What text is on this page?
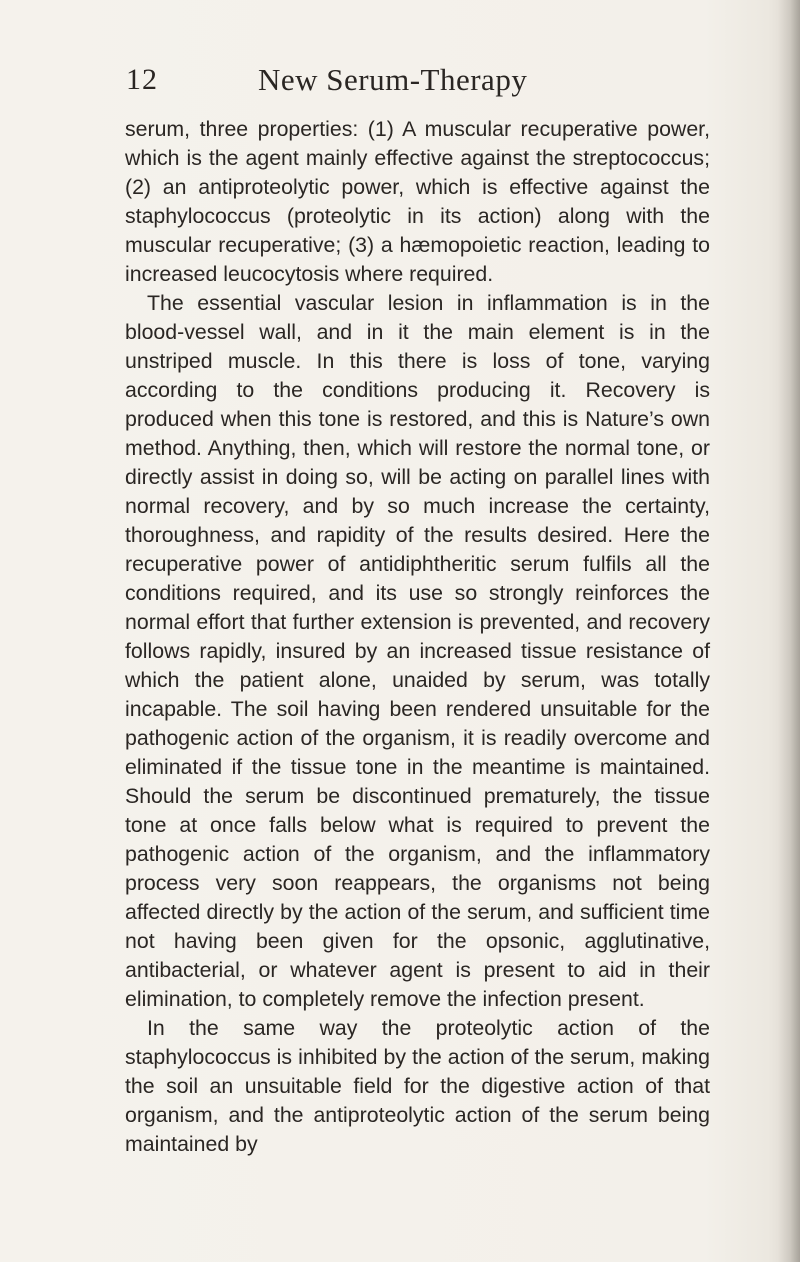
12	New Serum-Therapy

serum, three properties: (1) A muscular recuperative power, which is the agent mainly effective against the streptococcus; (2) an antiproteolytic power, which is effective against the staphylococcus (proteolytic in its action) along with the muscular recuperative; (3) a hæmopoietic reaction, leading to increased leucocytosis where required.

The essential vascular lesion in inflammation is in the blood-vessel wall, and in it the main element is in the unstriped muscle. In this there is loss of tone, varying according to the conditions producing it. Recovery is produced when this tone is restored, and this is Nature’s own method. Anything, then, which will restore the normal tone, or directly assist in doing so, will be acting on parallel lines with normal recovery, and by so much increase the certainty, thoroughness, and rapidity of the results desired. Here the recuperative power of antidiphtheritic serum fulfils all the conditions required, and its use so strongly reinforces the normal effort that further extension is prevented, and recovery follows rapidly, insured by an increased tissue resistance of which the patient alone, unaided by serum, was totally incapable. The soil having been rendered unsuitable for the pathogenic action of the organism, it is readily overcome and eliminated if the tissue tone in the meantime is maintained. Should the serum be discontinued prematurely, the tissue tone at once falls below what is required to prevent the pathogenic action of the organism, and the inflammatory process very soon reappears, the organisms not being affected directly by the action of the serum, and sufficient time not having been given for the opsonic, agglutinative, antibacterial, or whatever agent is present to aid in their elimination, to completely remove the infection present.

In the same way the proteolytic action of the staphylococcus is inhibited by the action of the serum, making the soil an unsuitable field for the digestive action of that organism, and the antiproteolytic action of the serum being maintained by
